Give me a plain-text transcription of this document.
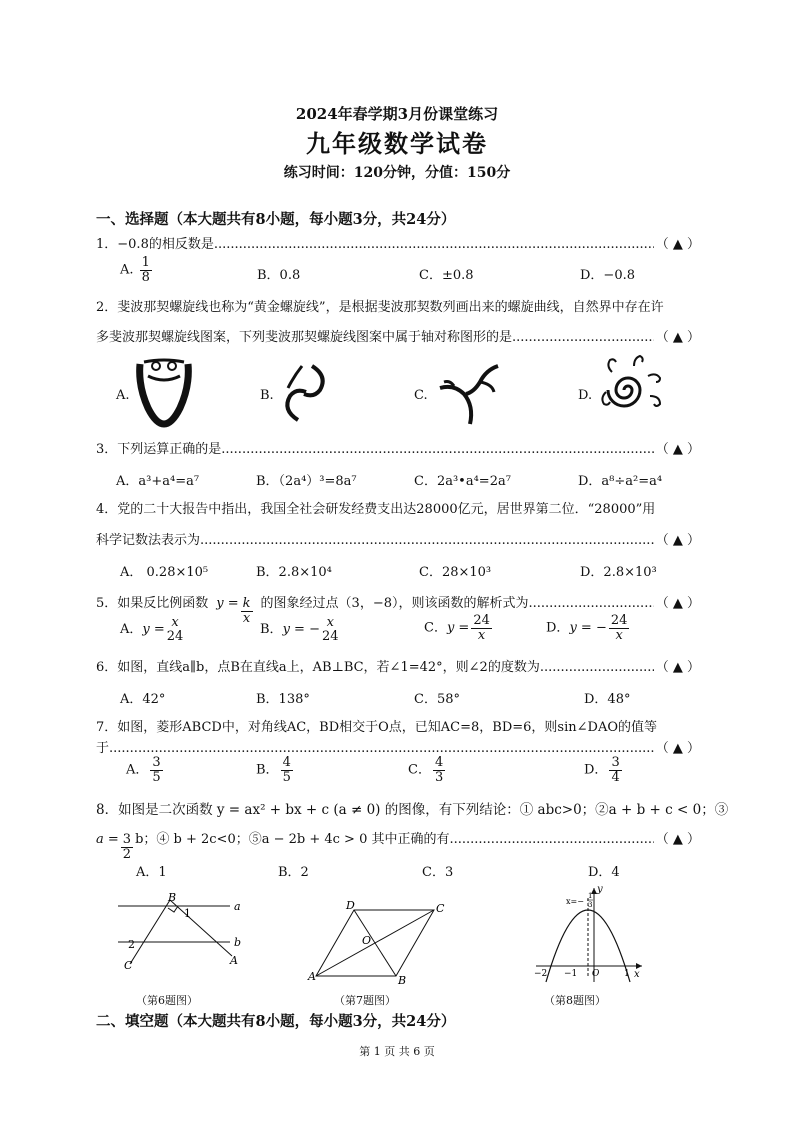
2024年春学期3月份课堂练习
九年级数学试卷
练习时间：120分钟，分值：150分
一、选择题（本大题共有8小题，每小题3分，共24分）
1．−0.8的相反数是 .....	（ ▲ ）
A. $\frac{1}{8}$	B．0.8	C．±0.8	D．−0.8
2．斐波那契螺旋线也称为“黄金螺旋线”，是根据斐波那契数列画出来的螺旋曲线，自然界中存在许
多斐波那契螺旋线图案，下列斐波那契螺旋线图案中属于轴对称图形的是 .....	（ ▲ ）
A.	B.	C.	D.
3．下列运算正确的是 .....	（ ▲ ）
A．a³+a⁴=a⁷	B．（2a⁴）³=8a⁷	C．2a³•a⁴=2a⁷	D．a⁸÷a²=a⁴
4．党的二十大报告中指出，我国全社会研发经费支出达28000亿元，居世界第二位．“28000”用
科学记数法表示为 .....	（ ▲ ）
A． 0.28×10⁵	B．2.8×10⁴	C．28×10³	D．2.8×10³
5．如果反比例函数 $y = \frac{k}{x}$ 的图象经过点（3，−8），则该函数的解析式为 .....	（ ▲ ）
A．y = x
24	B．y = − x
24
C．$y = \frac{24}{x}$	D．y = − $\frac{24}{x}$
6．如图，直线a∥b，点B在直线a上，AB⊥BC，若∠1=42°，则∠2的度数为 .....	（ ▲ ）
A．42°	B．138°	C．58°	D．48°
7．如图，菱形ABCD中，对角线AC，BD相交于O点，已知AC=8，BD=6，则sin∠DAO的值等
于 .....	（ ▲ ）
A． $\frac{3}{5}$	B． $\frac{4}{5}$	C． $\frac{4}{3}$	D． $\frac{3}{4}$
8．如图是二次函数 y = ax² + bx + c (a ≠ 0) 的图像，有下列结论：① abc>0；②a + b + c < 0；③
$a = \frac{3}{2}$ b；④ b + 2c<0；⑤a − 2b + 4c > 0 其中正确的有 .....	（ ▲ ）
A．1	B．2	C．3	D．4
B
1
a
2	b
C	A
（第6题图）
D	C
O
A	B
（第7题图）
y
x
x=−
1
3
−2 −1 O	1
（第8题图）
二、填空题（本大题共有8小题，每小题3分，共24分）
第 1 页 共 6 页
